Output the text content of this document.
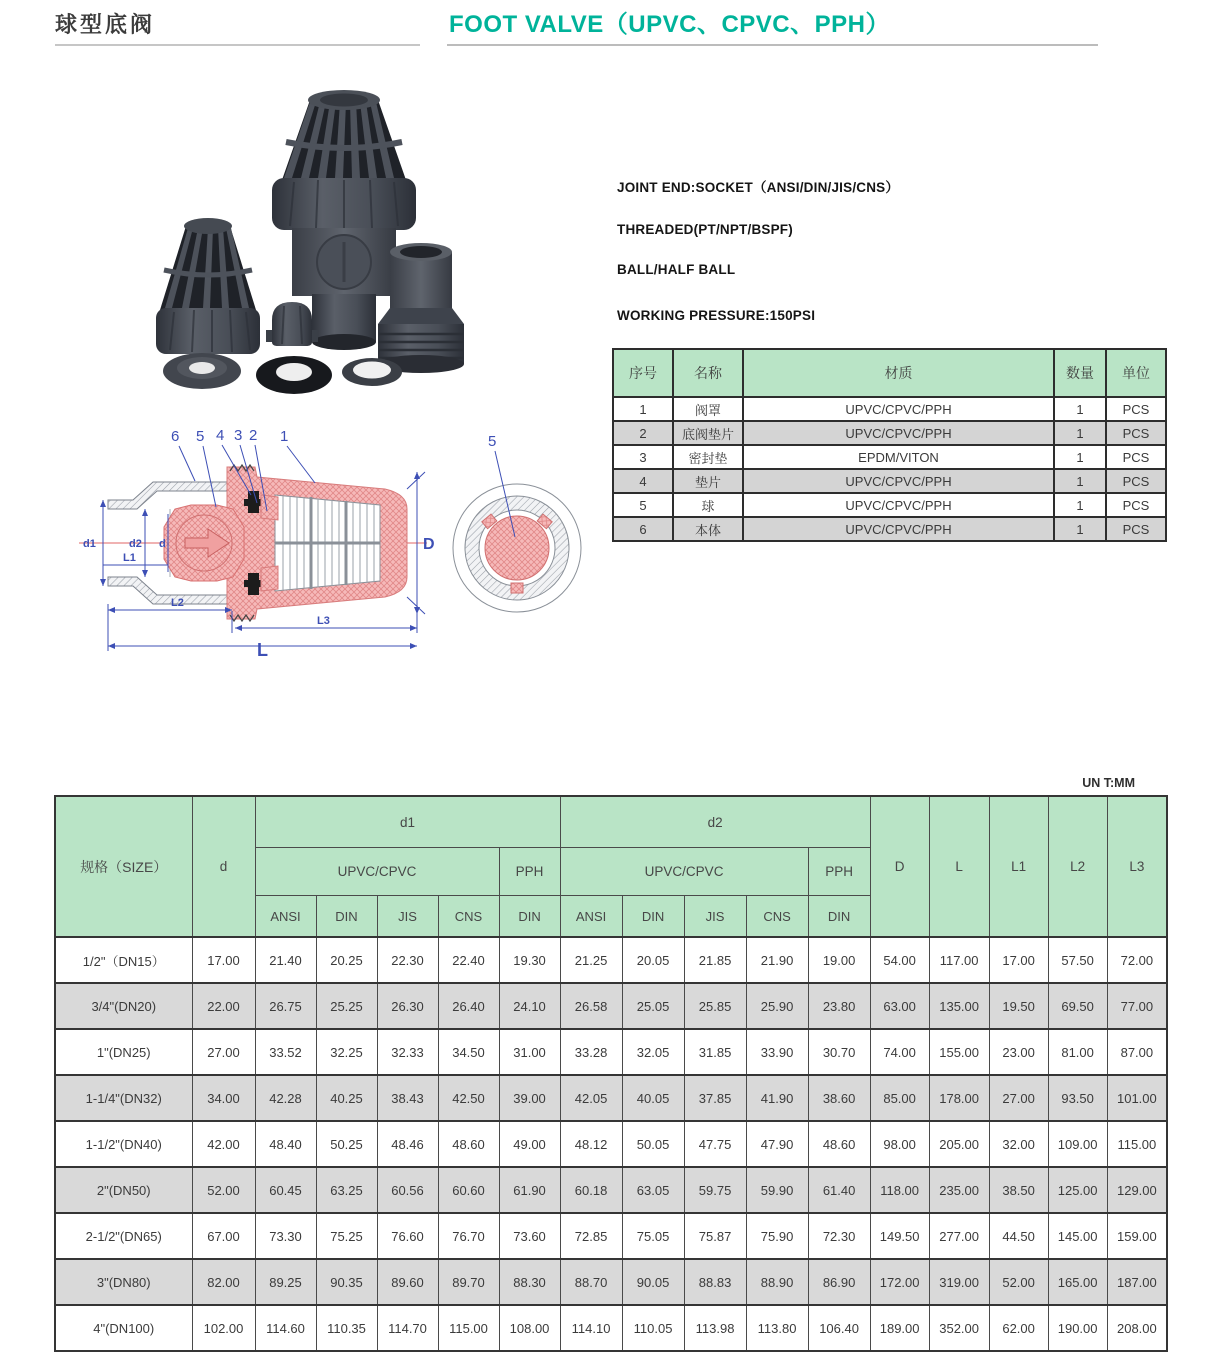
球型底阀	FOOT VALVE（UPVC、CPVC、PPH）
d1	d2 d
L1
L2
L3
L
D
6 5 4 3 2 1	5
JOINT END:SOCKET（ANSI/DIN/JIS/CNS）
THREADED(PT/NPT/BSPF)
BALL/HALF BALL
WORKING PRESSURE:150PSI
序号	名称	材质	数量	单位
1	阀罩	UPVC/CPVC/PPH	1	PCS
2	底阀垫片	UPVC/CPVC/PPH	1	PCS
3	密封垫	EPDM/VITON	1	PCS
4	垫片	UPVC/CPVC/PPH	1	PCS
5	球	UPVC/CPVC/PPH	1	PCS
6	本体	UPVC/CPVC/PPH	1	PCS
UN T:MM
规格（SIZE）	d	d1					d2					D	L	L1	L2	L3
		UPVC/CPVC				PPH	UPVC/CPVC				PPH					
		ANSI	DIN	JIS	CNS	DIN	ANSI	DIN	JIS	CNS	DIN					
1/2"（DN15）	17.00	21.40	20.25	22.30	22.40	19.30	21.25	20.05	21.85	21.90	19.00	54.00	117.00	17.00	57.50	72.00
3/4"(DN20)	22.00	26.75	25.25	26.30	26.40	24.10	26.58	25.05	25.85	25.90	23.80	63.00	135.00	19.50	69.50	77.00
1"(DN25)	27.00	33.52	32.25	32.33	34.50	31.00	33.28	32.05	31.85	33.90	30.70	74.00	155.00	23.00	81.00	87.00
1-1/4"(DN32)	34.00	42.28	40.25	38.43	42.50	39.00	42.05	40.05	37.85	41.90	38.60	85.00	178.00	27.00	93.50	101.00
1-1/2"(DN40)	42.00	48.40	50.25	48.46	48.60	49.00	48.12	50.05	47.75	47.90	48.60	98.00	205.00	32.00	109.00	115.00
2"(DN50)	52.00	60.45	63.25	60.56	60.60	61.90	60.18	63.05	59.75	59.90	61.40	118.00	235.00	38.50	125.00	129.00
2-1/2"(DN65)	67.00	73.30	75.25	76.60	76.70	73.60	72.85	75.05	75.87	75.90	72.30	149.50	277.00	44.50	145.00	159.00
3"(DN80)	82.00	89.25	90.35	89.60	89.70	88.30	88.70	90.05	88.83	88.90	86.90	172.00	319.00	52.00	165.00	187.00
4"(DN100)	102.00	114.60	110.35	114.70	115.00	108.00	114.10	110.05	113.98	113.80	106.40	189.00	352.00	62.00	190.00	208.00
